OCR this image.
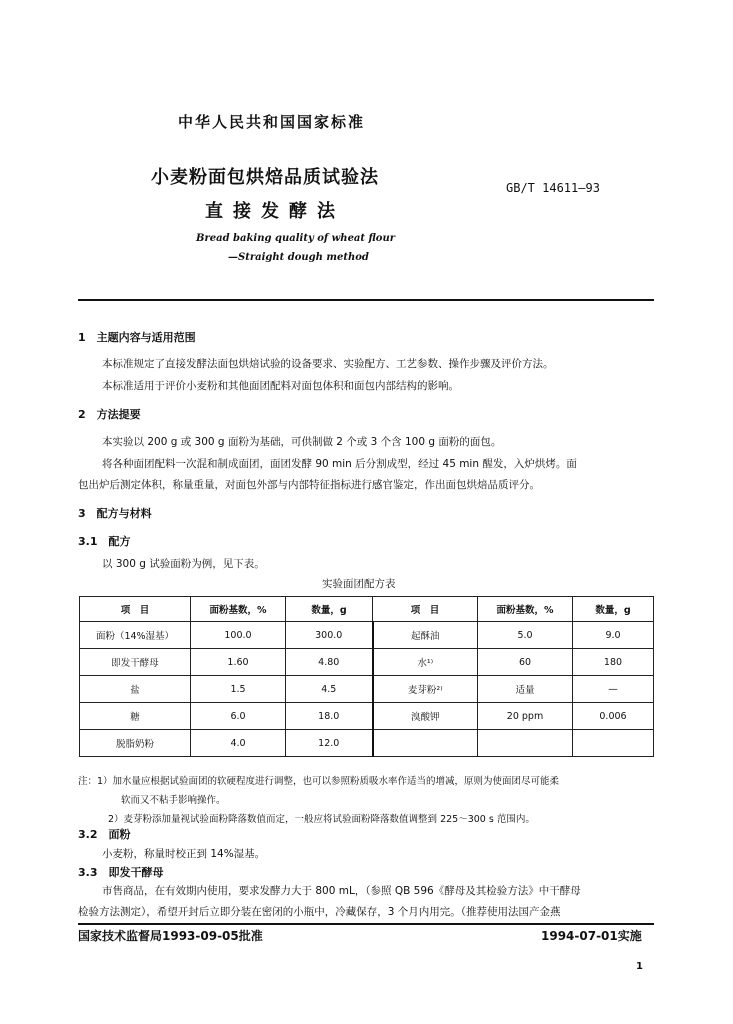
中华人民共和国国家标准
小麦粉面包烘焙品质试验法
直接发酵法
GB/T 14611—93
Bread baking quality of wheat flour
—Straight dough method
1　主题内容与适用范围
本标准规定了直接发酵法面包烘焙试验的设备要求、实验配方、工艺参数、操作步骤及评价方法。
本标准适用于评价小麦粉和其他面团配料对面包体积和面包内部结构的影响。
2　方法提要
本实验以 200 g 或 300 g 面粉为基础，可供制做 2 个或 3 个含 100 g 面粉的面包。
将各种面团配料一次混和制成面团，面团发酵 90 min 后分割成型，经过 45 min 醒发，入炉烘烤。面
包出炉后测定体积，称量重量，对面包外部与内部特征指标进行感官鉴定，作出面包烘焙品质评分。
3　配方与材料
3.1　配方
以 300 g 试验面粉为例，见下表。
实验面团配方表
项　目	面粉基数，%	数量，g	项　目	面粉基数，%	数量，g
面粉（14%湿基）	100.0	300.0	起酥油	5.0	9.0
即发干酵母	1.60	4.80	水¹⁾	60	180
盐	1.5	4.5	麦芽粉²⁾	适量	—
糖	6.0	18.0	溴酸钾	20 ppm	0.006
脱脂奶粉	4.0	12.0			
注：1）加水量应根据试验面团的软硬程度进行调整，也可以参照粉质吸水率作适当的增减，原则为使面团尽可能柔
软而又不粘手影响操作。
2）麦芽粉添加量视试验面粉降落数值而定，一般应将试验面粉降落数值调整到 225～300 s 范围内。
3.2　面粉
小麦粉，称量时校正到 14%湿基。
3.3　即发干酵母
市售商品，在有效期内使用，要求发酵力大于 800 mL，（参照 QB 596《酵母及其检验方法》中干酵母
检验方法测定），希望开封后立即分装在密闭的小瓶中，冷藏保存，3 个月内用完。（推荐使用法国产金燕
国家技术监督局1993-09-05批准	1994-07-01实施
1
